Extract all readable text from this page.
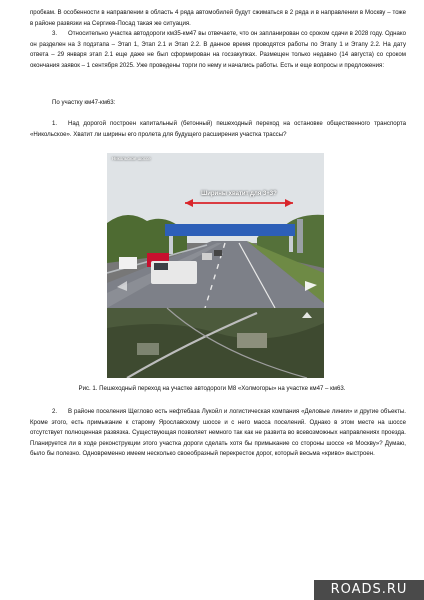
пробкам. В особенности в направлении в область 4 ряда автомобилей будут сжиматься в 2 ряда и в направлении в Москву – тоже в районе развязки на Сергиев-Посад такая же ситуация.

3. Относительно участка автодороги км35-км47 вы отвечаете, что он запланирован со сроком сдачи в 2028 году. Однако он разделен на 3 подэтапа – Этап 1, Этап 2.1 и Этап 2.2. В данное время проводятся работы по Этапу 1 и Этапу 2.2. На дату ответа – 29 января этап 2.1 еще даже не был сформирован на госзакупках. Размещен только недавно (14 августа) со сроком окончания заявок – 1 сентября 2025. Уже проведены торги по нему и начались работы. Есть и еще вопросы и предложения:

По участку км47-км63:

1. Над дорогой построен капитальный (бетонный) пешеходный переход на остановке общественного транспорта «Никольское». Хватит ли ширины его пролета для будущего расширения участка трассы?

Ширины хватит для 3+3?
Никольское шоссе
Рис. 1. Пешеходный переход на участке автодороги М8 «Холмогоры» на участке км47 – км63.

2. В районе поселения Щеглово есть нефтебаза Лукойл и логистическая компания «Деловые линии» и другие объекты. Кроме этого, есть примыкание к старому Ярославскому шоссе и с него масса поселений. Однако в этом месте на шоссе отсутствует полноценная развязка. Существующая позволяет немного так как не развита во всевозможных направлениях проезда. Планируется ли в ходе реконструкции этого участка дороги сделать хотя бы примыкание со стороны шоссе «в Москву»? Думаю, было бы полезно. Одновременно имеем несколько своеобразный перекресток дорог, который весьма «криво» выстроен.

ROADS.RU
